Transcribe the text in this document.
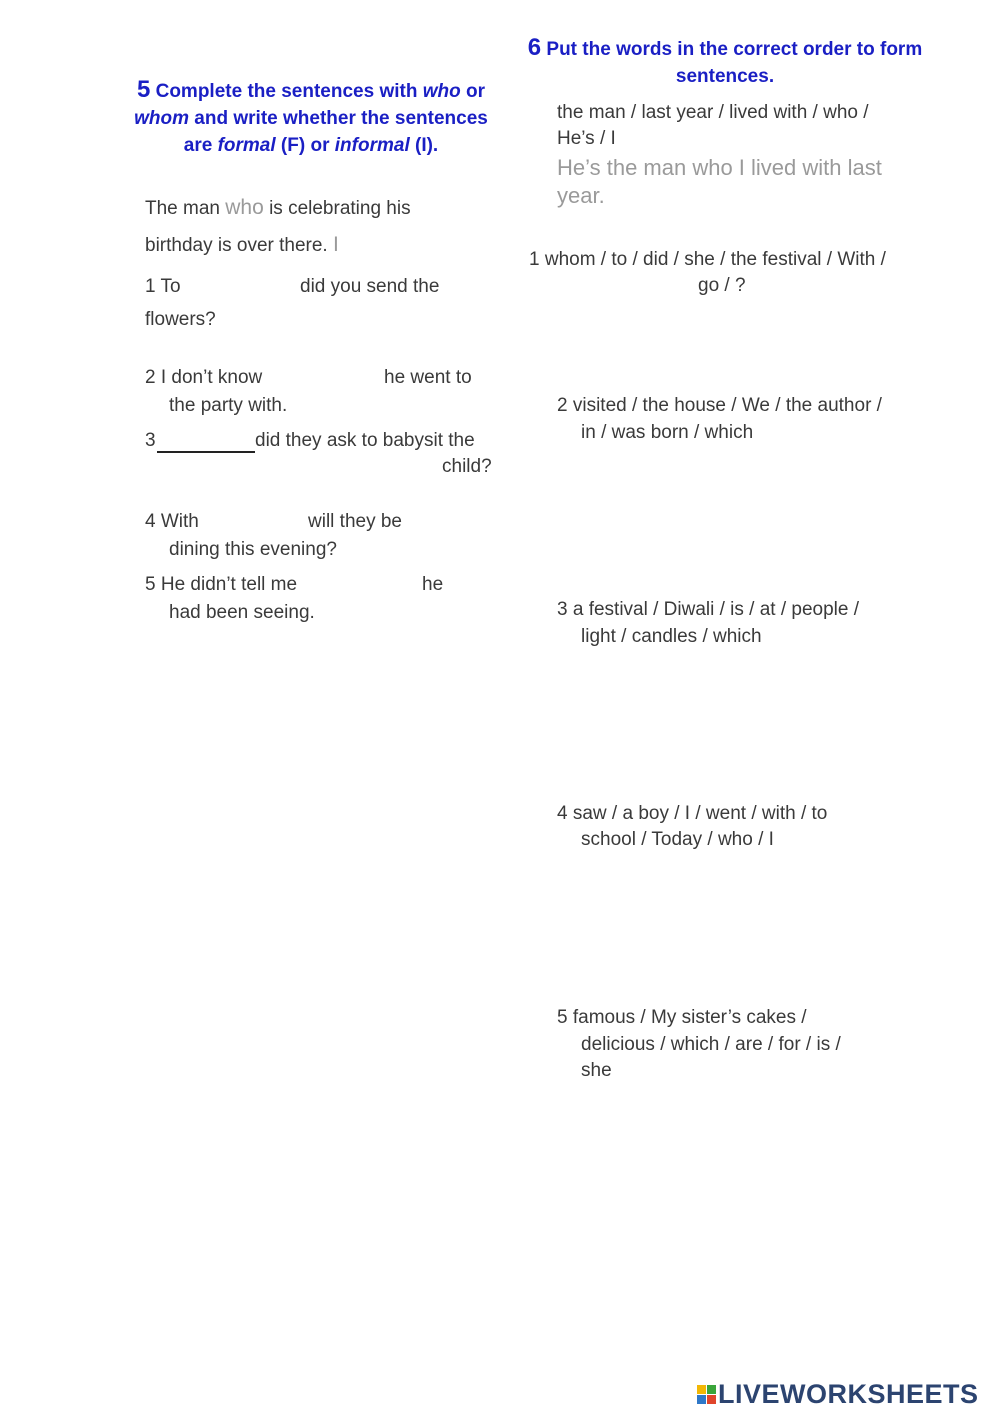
5 Complete the sentences with who or whom and write whether the sentences are formal (F) or informal (I).
The man who is celebrating his
birthday is over there. I
1 To	did you send the
flowers?
2 I don’t know	he went to
the party with.
3	did they ask to babysit the
child?
4 With	will they be
dining this evening?
5 He didn’t tell me	he
had been seeing.
6 Put the words in the correct order to form sentences.
the man / last year / lived with / who /
He’s / I
He’s the man who I lived with last
year.
1 whom / to / did / she / the festival / With /
go / ?
2 visited / the house / We / the author /
in / was born / which
3 a festival / Diwali / is / at / people /
light / candles / which
4 saw / a boy / I / went / with / to
school / Today / who / I
5 famous / My sister’s cakes /
delicious / which / are / for / is /
she
LIVEWORKSHEETS
